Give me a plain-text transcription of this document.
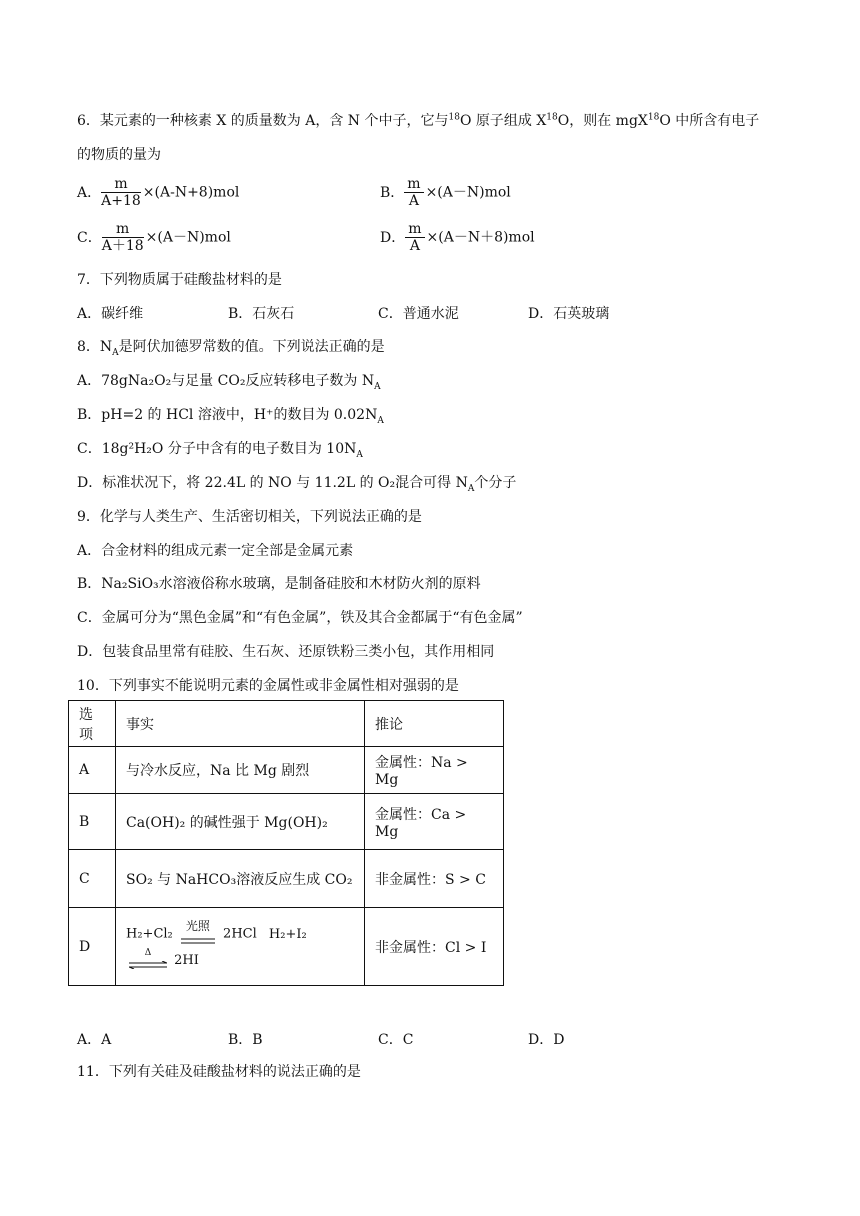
6．某元素的一种核素 X 的质量数为 A，含 N 个中子，它与$^{18}$O 原子组成 $X^{18}O$，则在 mgX$^{18}$O 中所含有电子
的物质的量为
A． $\frac{m}{A+18} \times(A-N+8)mol$	B． $\frac{m}{A} \times(A-N)mol$
C． $\frac{m}{A+18} \times(A-N)mol$	D． $\frac{m}{A} \times(A-N+8)mol$
7．下列物质属于硅酸盐材料的是
A．碳纤维	B．石灰石	C．普通水泥	D．石英玻璃
8．$N_A$是阿伏加德罗常数的值。下列说法正确的是
A．78gNa₂O₂与足量 CO₂反应转移电子数为 $N_A$
B．pH=2 的 HCl 溶液中，H⁺的数目为 $0.02N_A$
C．18g²H₂O 分子中含有的电子数目为 $10N_A$
D．标准状况下，将 22.4L 的 NO 与 11.2L 的 O₂混合可得 $N_A$个分子
9．化学与人类生产、生活密切相关，下列说法正确的是
A．合金材料的组成元素一定全部是金属元素
B．Na₂SiO₃水溶液俗称水玻璃，是制备硅胶和木材防火剂的原料
C．金属可分为“黑色金属”和“有色金属”，铁及其合金都属于“有色金属”
D．包装食品里常有硅胶、生石灰、还原铁粉三类小包，其作用相同
10．下列事实不能说明元素的金属性或非金属性相对强弱的是
选项	事实	推论
A	与冷水反应，Na 比 Mg 剧烈	金属性：Na > Mg
B	Ca(OH)₂ 的碱性强于 Mg(OH)₂	金属性：Ca > Mg
C	SO₂ 与 NaHCO₃溶液反应生成 CO₂	非金属性：S > C
D	H₂+Cl₂
光照
2HCl H₂+I₂
Δ 2HI	非金属性：Cl > I
A．A	B．B	C．C	D．D
11．下列有关硅及硅酸盐材料的说法正确的是
